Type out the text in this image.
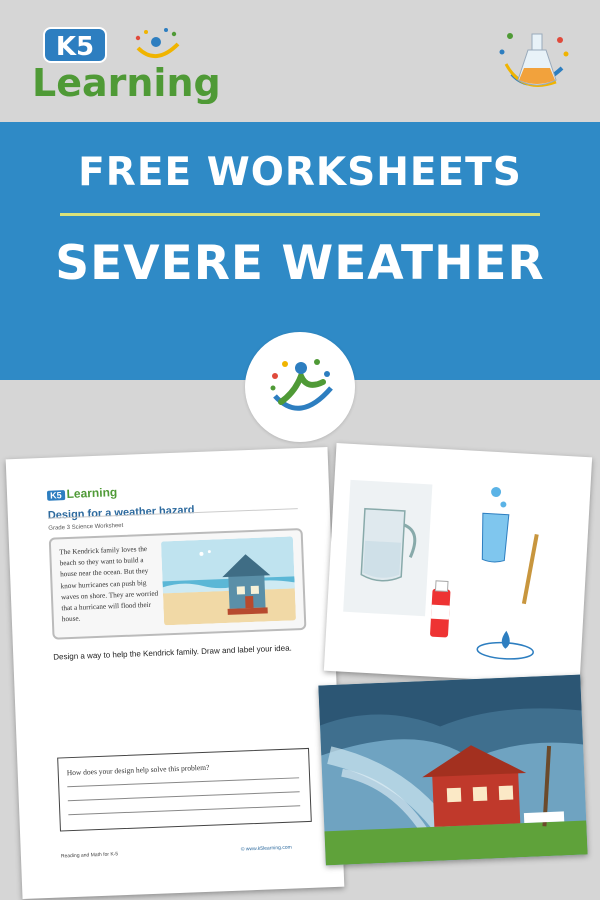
K5
Learning
FREE WORKSHEETS
SEVERE WEATHER
K5 Learning
Design for a weather hazard
Grade 3 Science Worksheet
The Kendrick family loves the beach so they want to build a house near the ocean. But they know hurricanes can push big waves on shore. They are worried that a hurricane will flood their house.
Design a way to help the Kendrick family. Draw and label your idea.
How does your design help solve this problem?
Reading and Math for K-5
© www.k5learning.com
